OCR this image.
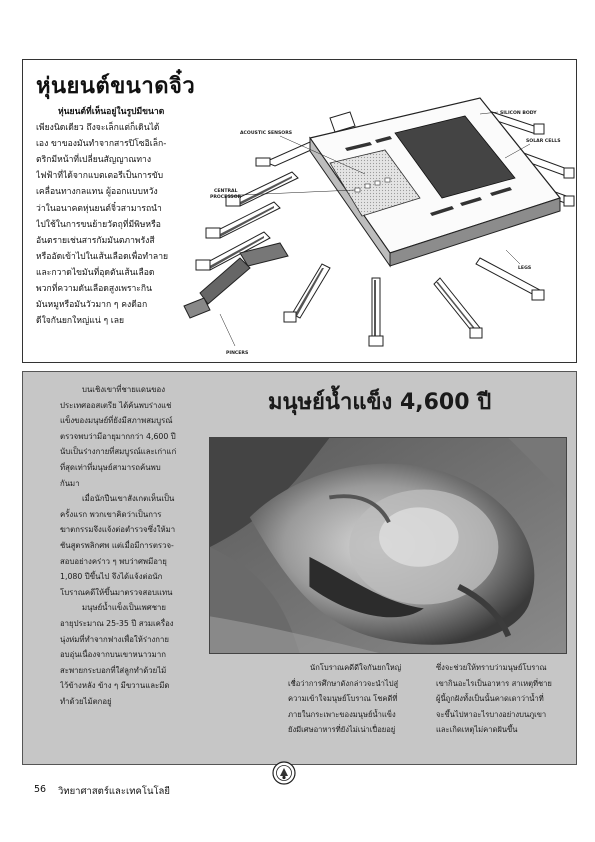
หุ่นยนต์ขนาดจิ๋ว
หุ่นยนต์ที่เห็นอยู่ในรูปมีขนาด
เพียงนิดเดียว ถึงจะเล็กแต่ก็เดินได้
เอง ขาของมันทำจากสารปิโซอิเล็ก-
ตริกมีหน้าที่เปลี่ยนสัญญาณทาง
ไฟฟ้าที่ได้จากแบตเตอรีเป็นการขับ
เคลื่อนทางกลแทน ผู้ออกแบบหวัง
ว่าในอนาคตหุ่นยนต์จิ๋วสามารถนำ
ไปใช้ในการขนย้ายวัตถุที่มีพิษหรือ
อันตรายเช่นสารกัมมันตภาพรังสี
หรืออัดเข้าไปในเส้นเลือดเพื่อทำลาย
และกวาดไขมันที่อุดตันเส้นเลือด
พวกที่ความดันเลือดสูงเพราะกิน
มันหมูหรือมันวัวมาก ๆ คงดีอก
ดีใจกันยกใหญ่แน่ ๆ เลย
SILICON BODY
ACOUSTIC SENSORS
SOLAR CELLS
CENTRAL
PROCESSOR
LEGS
PINCERS
บนเชิงเขาที่ชายแดนของ
ประเทศออสเตรีย ได้ค้นพบร่างแช่
แข็งของมนุษย์ที่ยังมีสภาพสมบูรณ์
ตรวจพบว่ามีอายุมากกว่า 4,600 ปี
นับเป็นร่างกายที่สมบูรณ์และเก่าแก่
ที่สุดเท่าที่มนุษย์สามารถค้นพบ
กันมา
เมื่อนักปีนเขาสังเกตเห็นเป็น
ครั้งแรก พวกเขาคิดว่าเป็นการ
ฆาตกรรมจึงแจ้งต่อตำรวจซึ่งให้มา
ชันสูตรพลิกศพ แต่เมื่อมีการตรวจ-
สอบอย่างคร่าว ๆ พบว่าศพมีอายุ
1,080 ปีขึ้นไป จึงได้แจ้งต่อนัก
โบราณคดีให้ขึ้นมาตรวจสอบแทน
มนุษย์น้ำแข็งเป็นเพศชาย
อายุประมาณ 25-35 ปี สวมเครื่อง
นุ่งห่มที่ทำจากฟางเพื่อให้ร่างกาย
อบอุ่นเนื่องจากบนเขาหนาวมาก
สะพายกระบอกที่ใส่ลูกทำด้วยไม้
ไว้ข้างหลัง ข้าง ๆ มีขวานและมีด
ทำด้วยไม้ตกอยู่
มนุษย์น้ำแข็ง 4,600 ปี
นักโบราณคดีดีใจกันยกใหญ่
เชื่อว่าการศึกษาดังกล่าวจะนำไปสู่
ความเข้าใจมนุษย์โบราณ โชคดีที่
ภายในกระเพาะของมนุษย์น้ำแข็ง
ยังมีเศษอาหารที่ยังไม่เน่าเปื่อยอยู่
ซึ่งจะช่วยให้ทราบว่ามนุษย์โบราณ
เขากินอะไรเป็นอาหาร สาเหตุที่ชาย
ผู้นี้ถูกฝังทั้งเป็นนั้นคาดเดาว่าน้ำที่
จะขึ้นไปหาอะไรบางอย่างบนภูเขา
และเกิดเหตุไม่คาดฝันขึ้น
56 วิทยาศาสตร์และเทคโนโลยี
